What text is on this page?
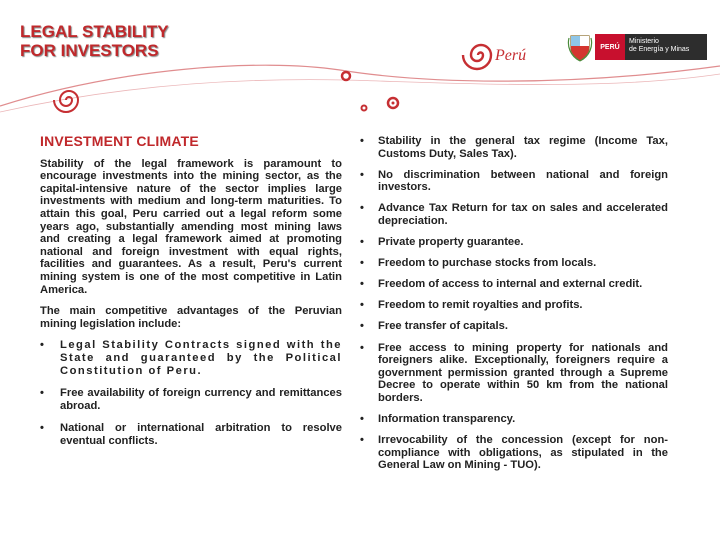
LEGAL STABILITY
FOR INVESTORS	Perú	PERÚ
Ministerio
de Energía y Minas
INVESTMENT CLIMATE

Stability of the legal framework is paramount to encourage investments into the mining sector, as the capital-intensive nature of the sector implies large investments with medium and long-term maturities. To attain this goal, Peru carried out a legal reform some years ago, substantially amending most mining laws and creating a legal framework aimed at promoting national and foreign investment with equal rights, facilities and guarantees. As a result, Peru's current mining system is one of the most competitive in Latin America.

The main competitive advantages of the Peruvian mining legislation include:

• Legal Stability Contracts signed with the State and guaranteed by the Political Constitution of Peru.
• Free availability of foreign currency and remittances abroad.
• National or international arbitration to resolve eventual conflicts.
• Stability in the general tax regime (Income Tax, Customs Duty, Sales Tax).
• No discrimination between national and foreign investors.
• Advance Tax Return for tax on sales and accelerated depreciation.
• Private property guarantee.
• Freedom to purchase stocks from locals.
• Freedom of access to internal and external credit.
• Freedom to remit royalties and profits.
• Free transfer of capitals.
• Free access to mining property for nationals and foreigners alike. Exceptionally, foreigners require a government permission granted through a Supreme Decree to operate within 50 km from the national borders.
• Information transparency.
• Irrevocability of the concession (except for non-compliance with obligations, as stipulated in the General Law on Mining - TUO).
